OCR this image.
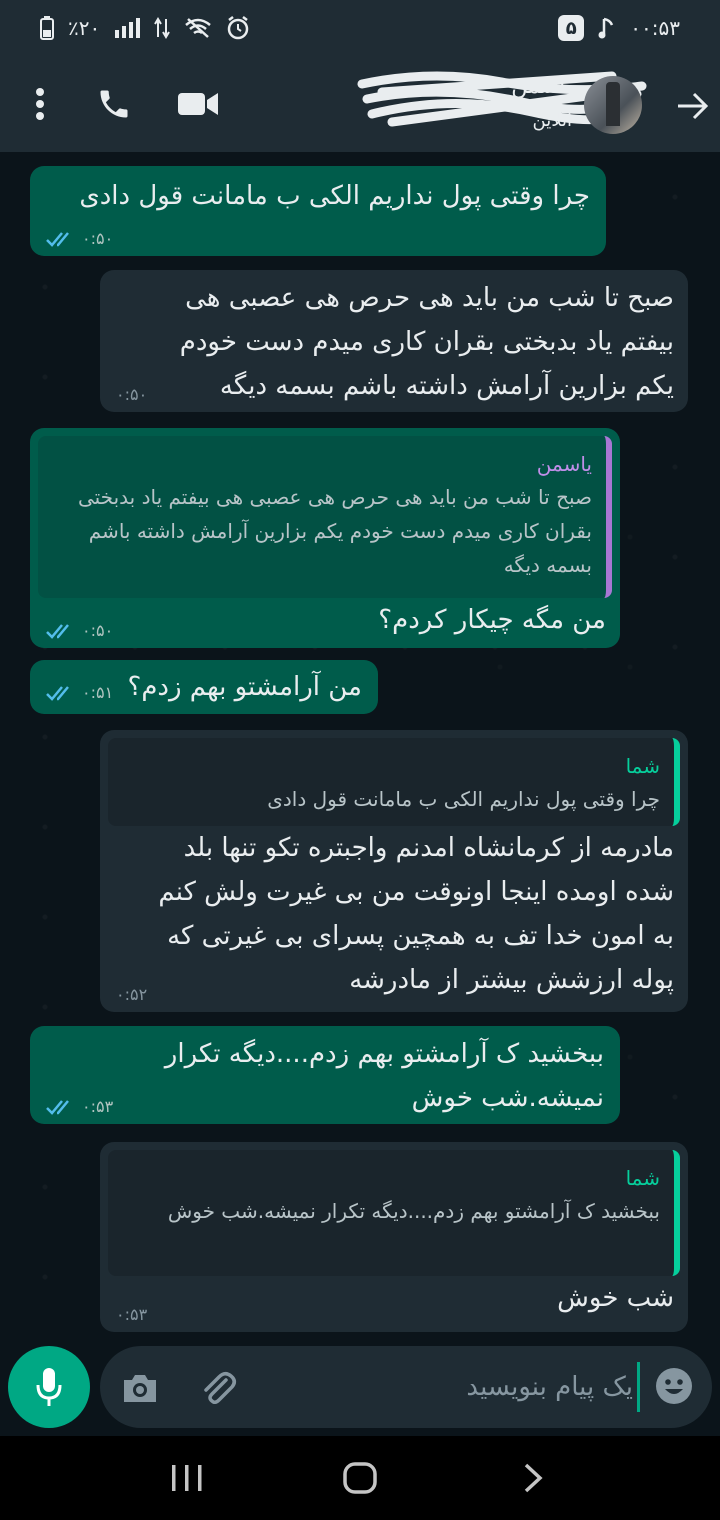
٪۲۰	۵	۰۰:۵۳
یاسمن
آنلاین
چرا وقتی پول نداریم الکی ب مامانت قول دادی
۰:۵۰
صبح تا شب من باید هی حرص هی عصبی هی
بیفتم یاد بدبختی بقران کاری میدم دست خودم
یکم بزارین آرامش داشته باشم بسمه دیگه
۰:۵۰
یاسمن
صبح تا شب من باید هی حرص هی عصبی هی بیفتم یاد بدبختی بقران کاری میدم دست خودم یکم بزارین آرامش داشته باشم بسمه دیگه
من مگه چیکار کردم؟
۰:۵۰
من آرامشتو بهم زدم؟
۰:۵۱
شما
چرا وقتی پول نداریم الکی ب مامانت قول دادی
مادرمه از کرمانشاه امدنم واجبتره تکو تنها بلد
شده اومده اینجا اونوقت من بی غیرت ولش کنم
به امون خدا تف به همچین پسرای بی غیرتی که
پوله ارزشش بیشتر از مادرشه
۰:۵۲
ببخشید ک آرامشتو بهم زدم....دیگه تکرار
نمیشه.شب خوش
۰:۵۳
شما
ببخشید ک آرامشتو بهم زدم....دیگه تکرار نمیشه.شب خوش
شب خوش
۰:۵۳
یک پیام بنویسید
